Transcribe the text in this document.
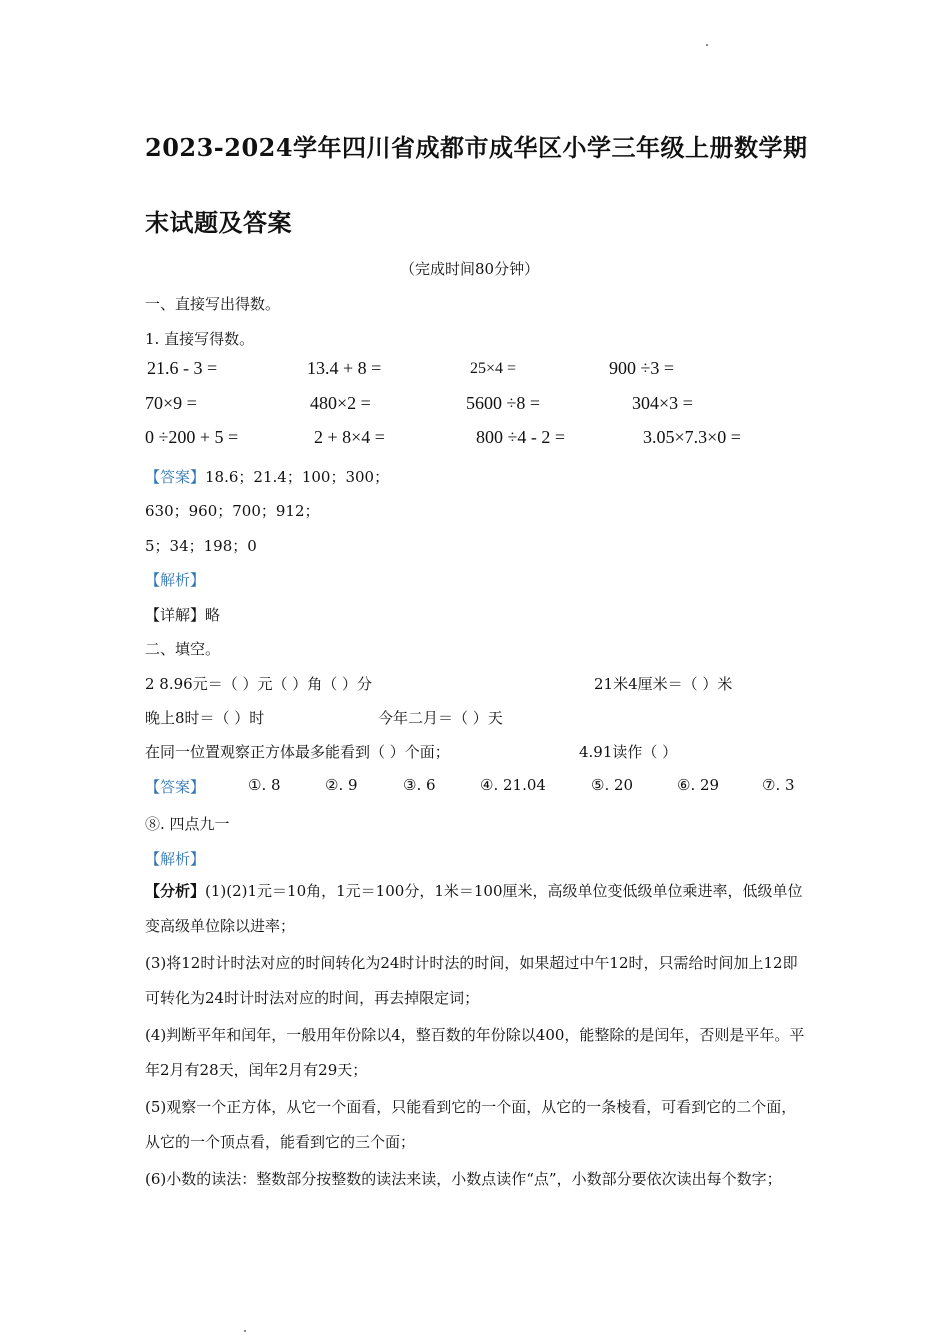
2023-2024学年四川省成都市成华区小学三年级上册数学期
末试题及答案
（完成时间80分钟）
一、直接写出得数。
1. 直接写得数。
21.6 - 3 =	13.4 + 8 =	25×4 =	900 ÷3 =
70×9 =	480×2 =	5600 ÷8 =	304×3 =
0 ÷200 + 5 =	2 + 8×4 =	800 ÷4 - 2 =	3.05×7.3×0 =
【答案】18.6；21.4；100；300；
630；960；700；912；
5；34；198；0
【解析】
【详解】略
二、填空。
2 8.96元＝（ ）元（ ）角（ ）分	21米4厘米＝（ ）米
晚上8时＝（ ）时	今年二月＝（ ）天
在同一位置观察正方体最多能看到（ ）个面；	4.91读作（ ）
【答案】	①. 8	②. 9	③. 6	④. 21.04	⑤. 20	⑥. 29	⑦. 3
⑧. 四点九一
【解析】
【分析】(1)(2)1元＝10角，1元＝100分，1米＝100厘米，高级单位变低级单位乘进率，低级单位变高级单位除以进率；
(3)将12时计时法对应的时间转化为24时计时法的时间，如果超过中午12时，只需给时间加上12即可转化为24时计时法对应的时间，再去掉限定词；
(4)判断平年和闰年，一般用年份除以4，整百数的年份除以400，能整除的是闰年，否则是平年。平年2月有28天，闰年2月有29天；
(5)观察一个正方体，从它一个面看，只能看到它的一个面，从它的一条棱看，可看到它的二个面，从它的一个顶点看，能看到它的三个面；
(6)小数的读法：整数部分按整数的读法来读，小数点读作“点”，小数部分要依次读出每个数字；
